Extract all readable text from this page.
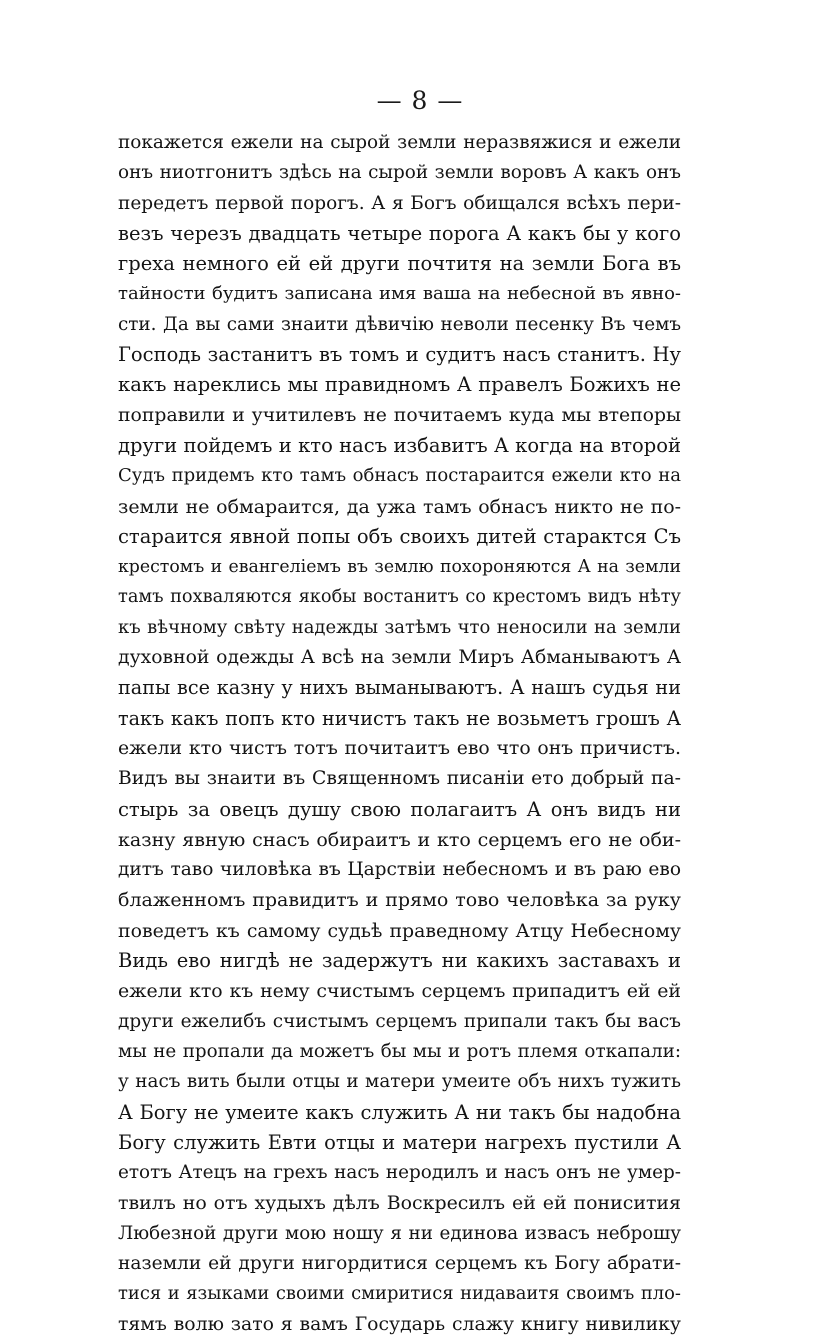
— 8 —
покажется ежели на сырой земли неразвяжися и ежели
онъ ниотгонитъ здѣсь на сырой земли воровъ А какъ онъ
передетъ первой порогъ. А я Богъ обищался всѣхъ пери-
везъ черезъ двадцать четыре порога А какъ бы у кого
греха немного ей ей други почтитя на земли Бога въ
тайности будитъ записана имя ваша на небесной въ явно-
сти. Да вы сами знаити дѣвичiю неволи песенку Въ чемъ
Господь застанитъ въ томъ и судитъ насъ станитъ. Ну
какъ нареклись мы правидномъ А правелъ Божихъ не
поправили и учитилевъ не почитаемъ куда мы втепоры
други пойдемъ и кто насъ избавитъ А когда на второй
Судъ придемъ кто тамъ обнасъ постараится ежели кто на
земли не обмараится, да ужа тамъ обнасъ никто не по-
стараится явной попы объ своихъ дитей старактся Съ
крестомъ и евангелiемъ въ землю похороняются А на земли
тамъ похваляются якобы востанитъ со крестомъ видъ нѣту
къ вѣчному свѣту надежды затѣмъ что неносили на земли
духовной одежды А всѣ на земли Миръ Абманываютъ А
папы все казну у нихъ выманываютъ. А нашъ судья ни
такъ какъ попъ кто ничистъ такъ не возьметъ грошъ А
ежели кто чистъ тотъ почитаитъ ево что онъ причистъ.
Видъ вы знаити въ Священномъ писанiи ето добрый па-
стырь за овецъ душу свою полагаитъ А онъ видъ ни
казну явную снасъ обираитъ и кто серцемъ его не оби-
дитъ таво чиловѣка въ Царствiи небесномъ и въ раю ево
блаженномъ правидитъ и прямо тово человѣка за руку
поведетъ къ самому судьѣ праведному Атцу Небесному
Видь ево нигдѣ не задержутъ ни какихъ заставахъ и
ежели кто къ нему счистымъ серцемъ припадитъ ей ей
други ежелибъ счистымъ серцемъ припали такъ бы васъ
мы не пропали да можетъ бы мы и ротъ племя откапали:
у насъ вить были отцы и матери умеите объ нихъ тужить
А Богу не умеите какъ служить А ни такъ бы надобна
Богу служить Евти отцы и матери нагрехъ пустили А
етотъ Атецъ на грехъ насъ неродилъ и насъ онъ не умер-
твилъ но отъ худыхъ дѣлъ Воскресилъ ей ей понисития
Любезной други мою ношу я ни единова извасъ неброшу
наземли ей други нигордитися серцемъ къ Богу абрати-
тися и языками своими смиритися нидаваитя своимъ пло-
тямъ волю зато я вамъ Государь слажу книгу нивилику
